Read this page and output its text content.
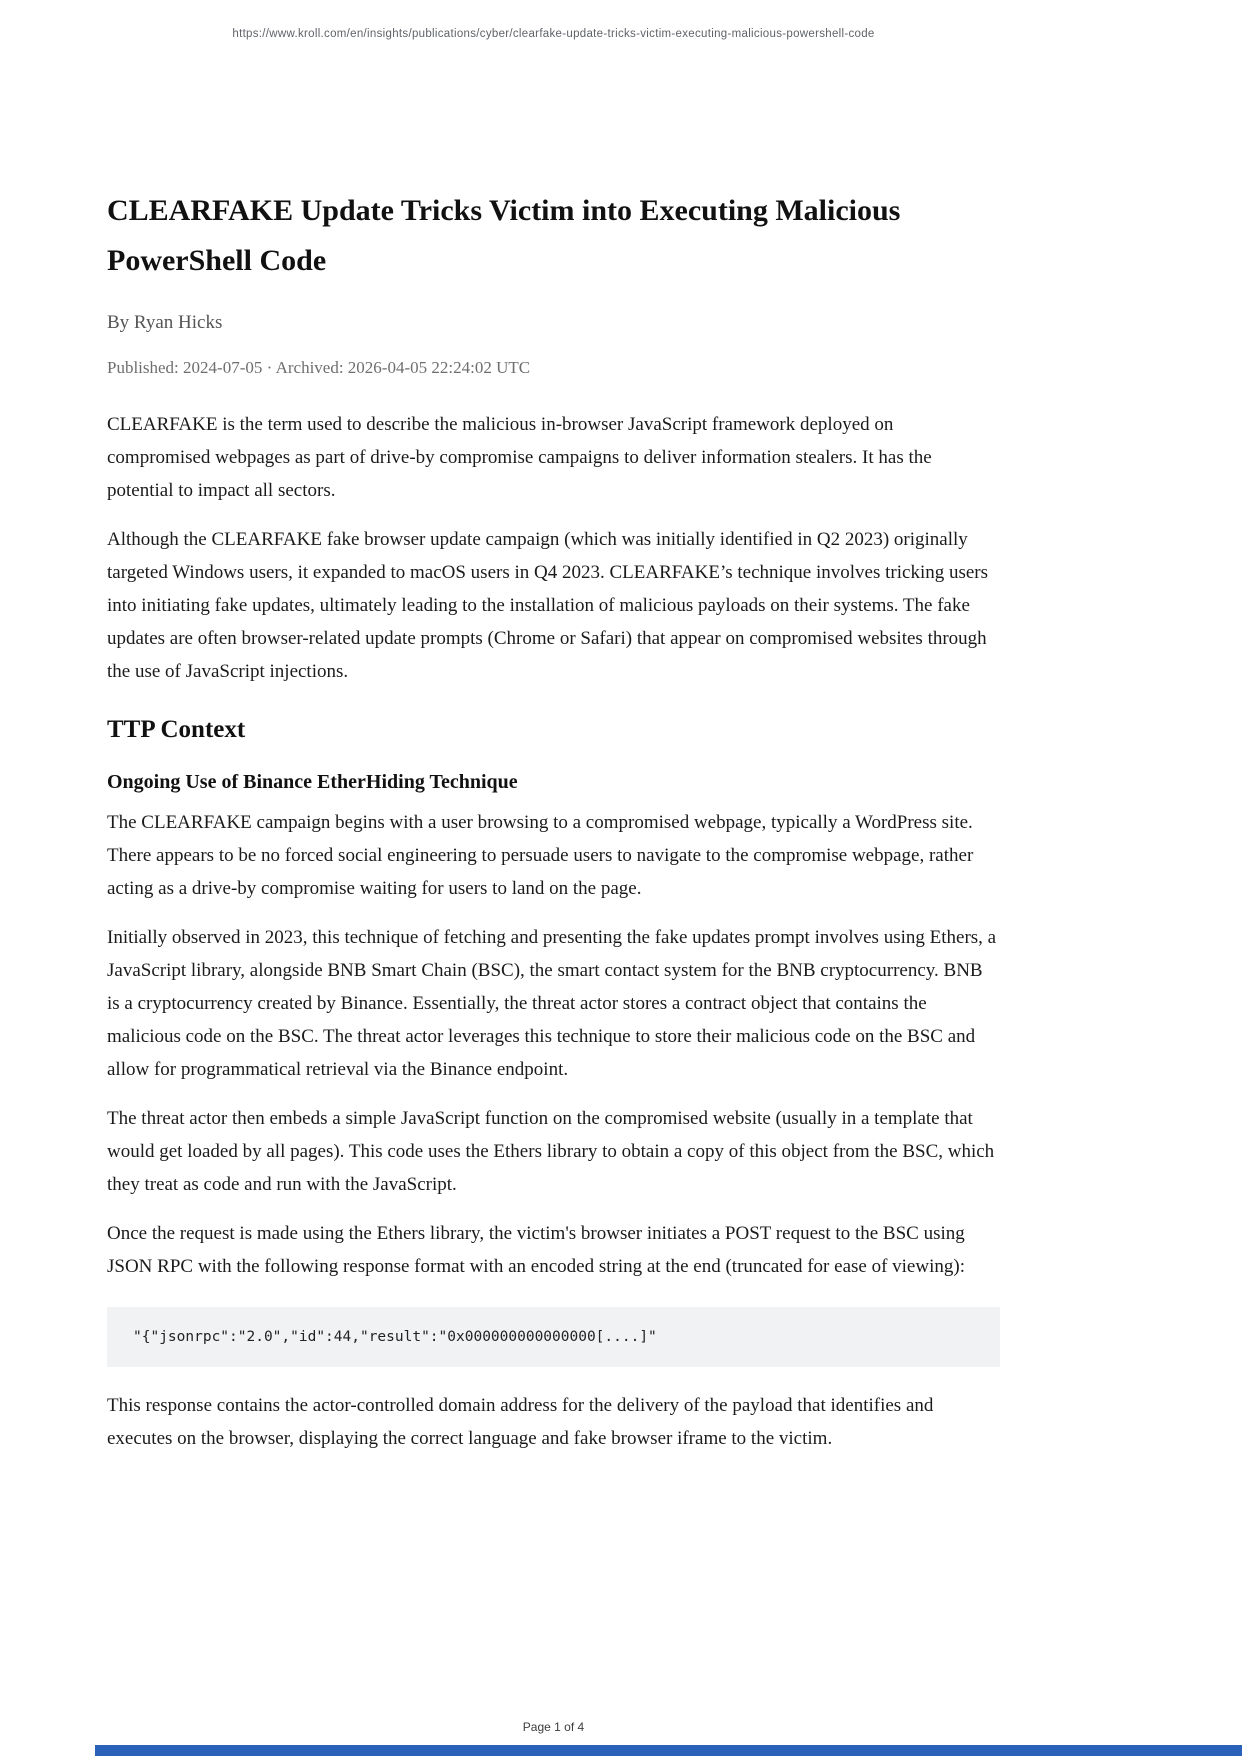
https://www.kroll.com/en/insights/publications/cyber/clearfake-update-tricks-victim-executing-malicious-powershell-code
CLEARFAKE Update Tricks Victim into Executing Malicious PowerShell Code

By Ryan Hicks

Published: 2024-07-05 · Archived: 2026-04-05 22:24:02 UTC

CLEARFAKE is the term used to describe the malicious in-browser JavaScript framework deployed on compromised webpages as part of drive-by compromise campaigns to deliver information stealers. It has the potential to impact all sectors.

Although the CLEARFAKE fake browser update campaign (which was initially identified in Q2 2023) originally targeted Windows users, it expanded to macOS users in Q4 2023. CLEARFAKE’s technique involves tricking users into initiating fake updates, ultimately leading to the installation of malicious payloads on their systems. The fake updates are often browser-related update prompts (Chrome or Safari) that appear on compromised websites through the use of JavaScript injections.

TTP Context
Ongoing Use of Binance EtherHiding Technique

The CLEARFAKE campaign begins with a user browsing to a compromised webpage, typically a WordPress site. There appears to be no forced social engineering to persuade users to navigate to the compromise webpage, rather acting as a drive-by compromise waiting for users to land on the page.

Initially observed in 2023, this technique of fetching and presenting the fake updates prompt involves using Ethers, a JavaScript library, alongside BNB Smart Chain (BSC), the smart contact system for the BNB cryptocurrency. BNB is a cryptocurrency created by Binance. Essentially, the threat actor stores a contract object that contains the malicious code on the BSC. The threat actor leverages this technique to store their malicious code on the BSC and allow for programmatical retrieval via the Binance endpoint.

The threat actor then embeds a simple JavaScript function on the compromised website (usually in a template that would get loaded by all pages). This code uses the Ethers library to obtain a copy of this object from the BSC, which they treat as code and run with the JavaScript.

Once the request is made using the Ethers library, the victim's browser initiates a POST request to the BSC using JSON RPC with the following response format with an encoded string at the end (truncated for ease of viewing):

"{"jsonrpc":"2.0","id":44,"result":"0x000000000000000[....]"

This response contains the actor-controlled domain address for the delivery of the payload that identifies and executes on the browser, displaying the correct language and fake browser iframe to the victim.

Page 1 of 4
